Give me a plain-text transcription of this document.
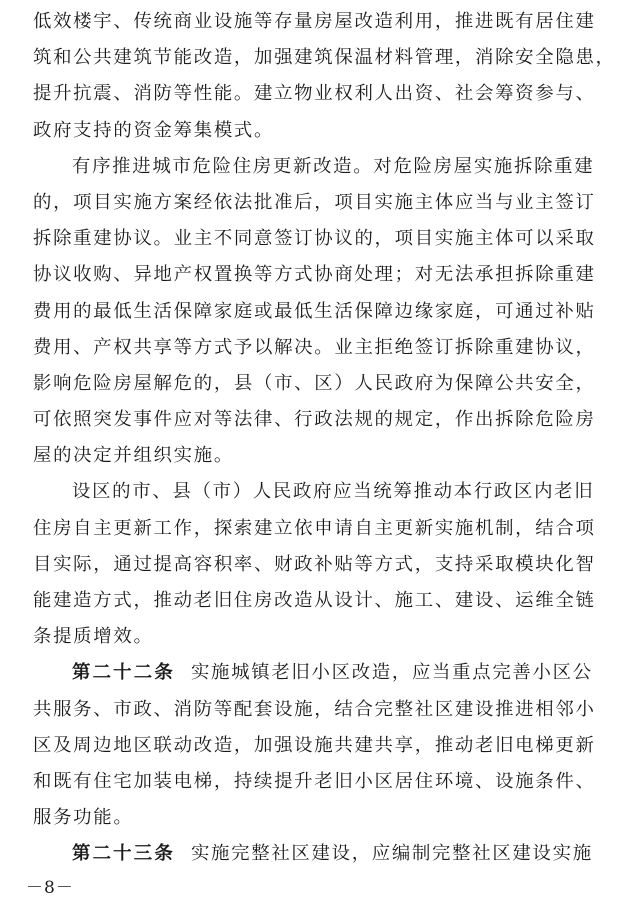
低效楼宇、传统商业设施等存量房屋改造利用，推进既有居住建
筑和公共建筑节能改造，加强建筑保温材料管理，消除安全隐患，
提升抗震、消防等性能。建立物业权利人出资、社会筹资参与、
政府支持的资金筹集模式。
有序推进城市危险住房更新改造。对危险房屋实施拆除重建
的，项目实施方案经依法批准后，项目实施主体应当与业主签订
拆除重建协议。业主不同意签订协议的，项目实施主体可以采取
协议收购、异地产权置换等方式协商处理；对无法承担拆除重建
费用的最低生活保障家庭或最低生活保障边缘家庭，可通过补贴
费用、产权共享等方式予以解决。业主拒绝签订拆除重建协议，
影响危险房屋解危的，县（市、区）人民政府为保障公共安全，
可依照突发事件应对等法律、行政法规的规定，作出拆除危险房
屋的决定并组织实施。
设区的市、县（市）人民政府应当统筹推动本行政区内老旧
住房自主更新工作，探索建立依申请自主更新实施机制，结合项
目实际，通过提高容积率、财政补贴等方式，支持采取模块化智
能建造方式，推动老旧住房改造从设计、施工、建设、运维全链
条提质增效。
第二十二条 实施城镇老旧小区改造，应当重点完善小区公
共服务、市政、消防等配套设施，结合完整社区建设推进相邻小
区及周边地区联动改造，加强设施共建共享，推动老旧电梯更新
和既有住宅加装电梯，持续提升老旧小区居住环境、设施条件、
服务功能。
第二十三条 实施完整社区建设，应编制完整社区建设实施
－8－
